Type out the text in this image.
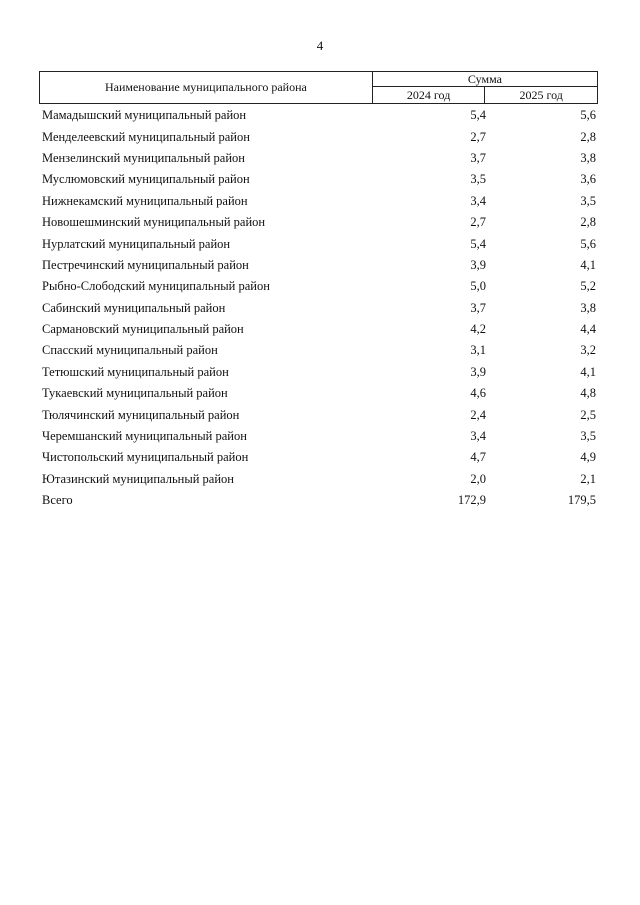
4
Наименование муниципального района	Сумма	
	2024 год	2025 год
Мамадышский муниципальный район	5,4	5,6
Менделеевский муниципальный район	2,7	2,8
Мензелинский муниципальный район	3,7	3,8
Муслюмовский муниципальный район	3,5	3,6
Нижнекамский муниципальный район	3,4	3,5
Новошешминский муниципальный район	2,7	2,8
Нурлатский муниципальный район	5,4	5,6
Пестречинский муниципальный район	3,9	4,1
Рыбно-Слободский муниципальный район	5,0	5,2
Сабинский муниципальный район	3,7	3,8
Сармановский муниципальный район	4,2	4,4
Спасский муниципальный район	3,1	3,2
Тетюшский муниципальный район	3,9	4,1
Тукаевский муниципальный район	4,6	4,8
Тюлячинский муниципальный район	2,4	2,5
Черемшанский муниципальный район	3,4	3,5
Чистопольский муниципальный район	4,7	4,9
Ютазинский муниципальный район	2,0	2,1
Всего	172,9	179,5
